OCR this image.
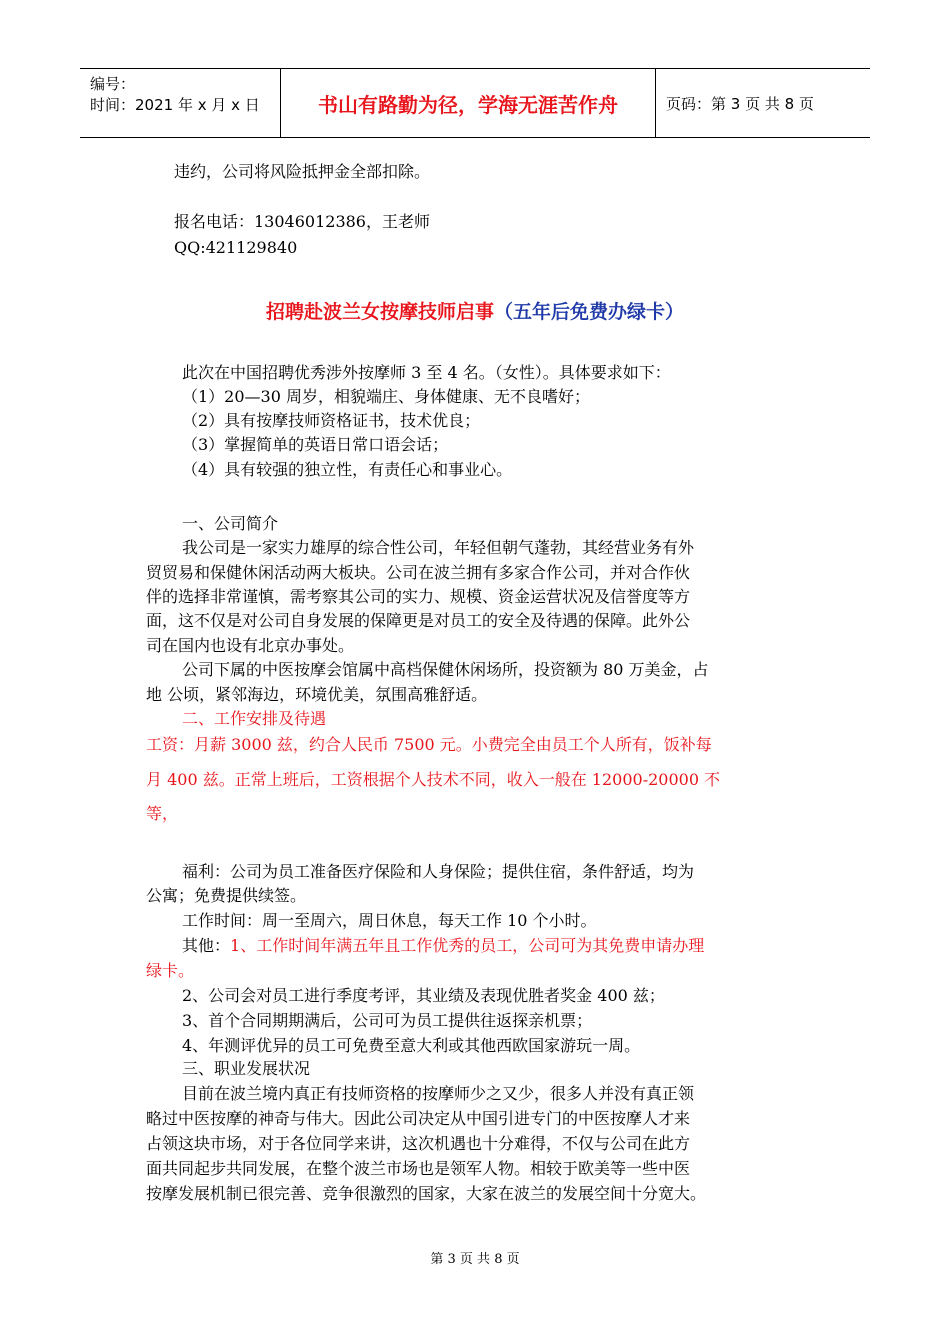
编号：
时间：2021 年 x 月 x 日	书山有路勤为径，学海无涯苦作舟	页码：第 3 页 共 8 页
违约，公司将风险抵押金全部扣除。
报名电话：13046012386，王老师
QQ:421129840
招聘赴波兰女按摩技师启事（五年后免费办绿卡）
此次在中国招聘优秀涉外按摩师 3 至 4 名。（女性）。具体要求如下：
（1）20—30 周岁，相貌端庄、身体健康、无不良嗜好；
（2）具有按摩技师资格证书，技术优良；
（3）掌握简单的英语日常口语会话；
（4）具有较强的独立性，有责任心和事业心。
一、公司简介
我公司是一家实力雄厚的综合性公司，年轻但朝气蓬勃，其经营业务有外
贸贸易和保健休闲活动两大板块。公司在波兰拥有多家合作公司，并对合作伙
伴的选择非常谨慎，需考察其公司的实力、规模、资金运营状况及信誉度等方
面，这不仅是对公司自身发展的保障更是对员工的安全及待遇的保障。此外公
司在国内也设有北京办事处。
公司下属的中医按摩会馆属中高档保健休闲场所，投资额为 80 万美金，占
地 公顷，紧邻海边，环境优美，氛围高雅舒适。
二、工作安排及待遇
工资：月薪 3000 兹，约合人民币 7500 元。小费完全由员工个人所有，饭补每
月 400 兹。正常上班后，工资根据个人技术不同，收入一般在 12000-20000 不
等，
福利：公司为员工准备医疗保险和人身保险；提供住宿，条件舒适，均为
公寓；免费提供续签。
工作时间：周一至周六，周日休息，每天工作 10 个小时。
其他：1、工作时间年满五年且工作优秀的员工，公司可为其免费申请办理
绿卡。
2、公司会对员工进行季度考评，其业绩及表现优胜者奖金 400 兹；
3、首个合同期期满后，公司可为员工提供往返探亲机票；
4、年测评优异的员工可免费至意大利或其他西欧国家游玩一周。
三、职业发展状况
目前在波兰境内真正有技师资格的按摩师少之又少，很多人并没有真正领
略过中医按摩的神奇与伟大。因此公司决定从中国引进专门的中医按摩人才来
占领这块市场，对于各位同学来讲，这次机遇也十分难得，不仅与公司在此方
面共同起步共同发展，在整个波兰市场也是领军人物。相较于欧美等一些中医
按摩发展机制已很完善、竞争很激烈的国家，大家在波兰的发展空间十分宽大。
第 3 页 共 8 页
